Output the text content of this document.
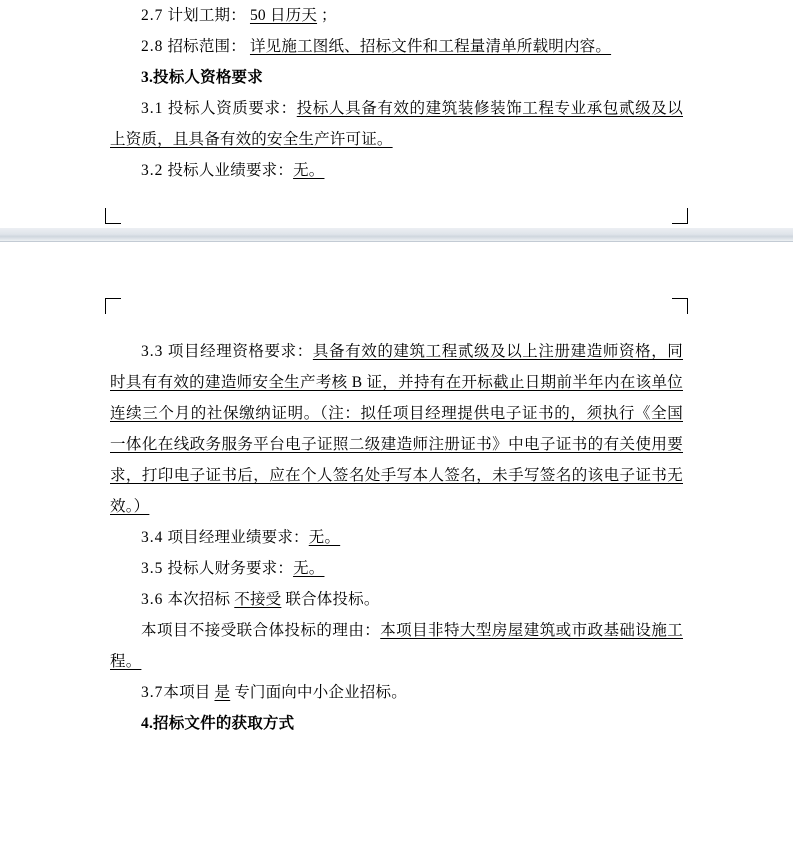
2.7 计划工期： 50 日历天 ；

2.8 招标范围： 详见施工图纸、招标文件和工程量清单所载明内容。

3.投标人资格要求

3.1 投标人资质要求：投标人具备有效的建筑装修装饰工程专业承包贰级及以上资质，且具备有效的安全生产许可证。

3.2 投标人业绩要求：无。

3.3 项目经理资格要求：具备有效的建筑工程贰级及以上注册建造师资格，同时具有有效的建造师安全生产考核 B 证，并持有在开标截止日期前半年内在该单位连续三个月的社保缴纳证明。（注：拟任项目经理提供电子证书的，须执行《全国一体化在线政务服务平台电子证照二级建造师注册证书》中电子证书的有关使用要求，打印电子证书后，应在个人签名处手写本人签名，未手写签名的该电子证书无效。）

3.4 项目经理业绩要求：无。

3.5 投标人财务要求：无。

3.6 本次招标 不接受 联合体投标。

本项目不接受联合体投标的理由：本项目非特大型房屋建筑或市政基础设施工程。

3.7本项目 是 专门面向中小企业招标。

4.招标文件的获取方式
